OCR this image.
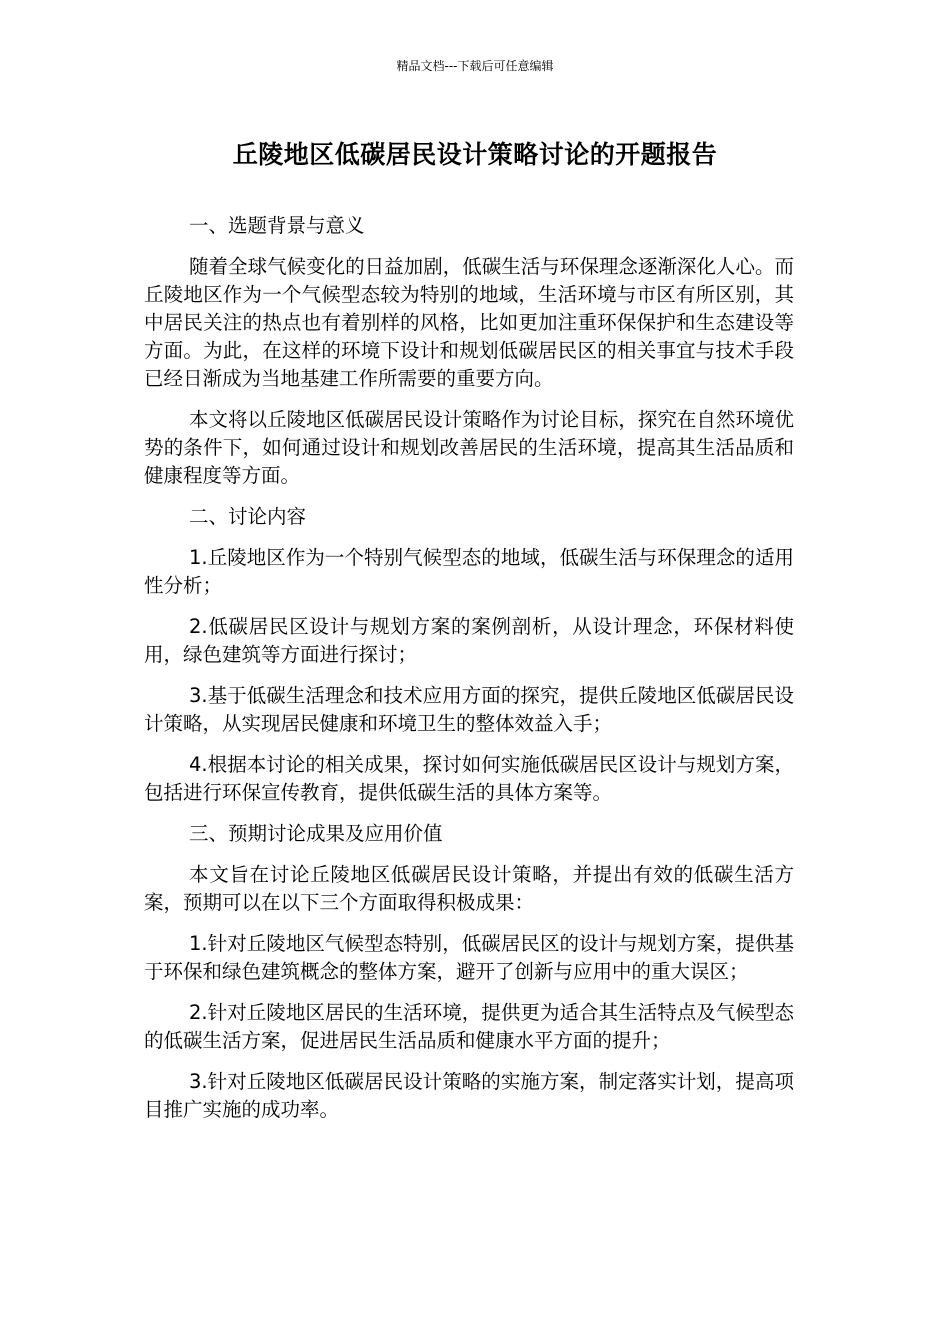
精品文档---下载后可任意编辑
丘陵地区低碳居民设计策略讨论的开题报告
一、选题背景与意义

随着全球气候变化的日益加剧，低碳生活与环保理念逐渐深化人心。而丘陵地区作为一个气候型态较为特别的地域，生活环境与市区有所区别，其中居民关注的热点也有着别样的风格，比如更加注重环保保护和生态建设等方面。为此，在这样的环境下设计和规划低碳居民区的相关事宜与技术手段已经日渐成为当地基建工作所需要的重要方向。

本文将以丘陵地区低碳居民设计策略作为讨论目标，探究在自然环境优势的条件下，如何通过设计和规划改善居民的生活环境，提高其生活品质和健康程度等方面。

二、讨论内容

1.丘陵地区作为一个特别气候型态的地域，低碳生活与环保理念的适用性分析；

2.低碳居民区设计与规划方案的案例剖析，从设计理念，环保材料使用，绿色建筑等方面进行探讨；

3.基于低碳生活理念和技术应用方面的探究，提供丘陵地区低碳居民设计策略，从实现居民健康和环境卫生的整体效益入手；

4.根据本讨论的相关成果，探讨如何实施低碳居民区设计与规划方案，包括进行环保宣传教育，提供低碳生活的具体方案等。

三、预期讨论成果及应用价值

本文旨在讨论丘陵地区低碳居民设计策略，并提出有效的低碳生活方案，预期可以在以下三个方面取得积极成果：

1.针对丘陵地区气候型态特别，低碳居民区的设计与规划方案，提供基于环保和绿色建筑概念的整体方案，避开了创新与应用中的重大误区；

2.针对丘陵地区居民的生活环境，提供更为适合其生活特点及气候型态的低碳生活方案，促进居民生活品质和健康水平方面的提升；

3.针对丘陵地区低碳居民设计策略的实施方案，制定落实计划，提高项目推广实施的成功率。
